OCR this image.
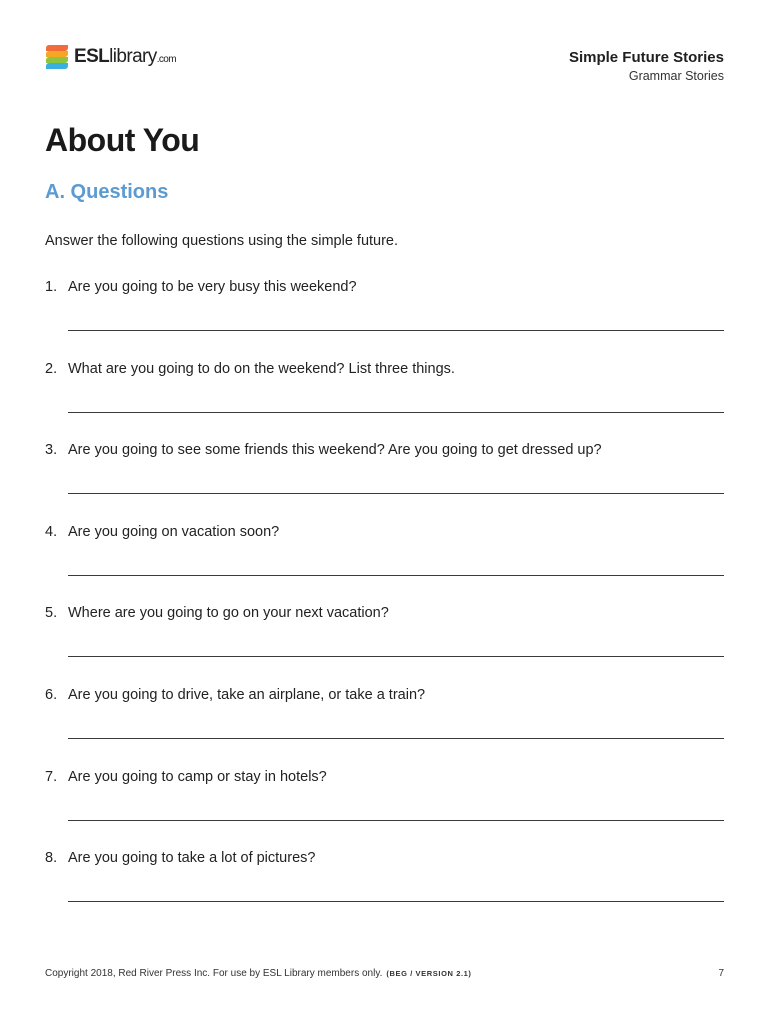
ESLlibrary.com	Simple Future Stories
Grammar Stories
About You
A. Questions
Answer the following questions using the simple future.
1. Are you going to be very busy this weekend?
2. What are you going to do on the weekend? List three things.
3. Are you going to see some friends this weekend? Are you going to get dressed up?
4. Are you going on vacation soon?
5. Where are you going to go on your next vacation?
6. Are you going to drive, take an airplane, or take a train?
7. Are you going to camp or stay in hotels?
8. Are you going to take a lot of pictures?
Copyright 2018, Red River Press Inc. For use by ESL Library members only. (BEG / VERSION 2.1)	7
